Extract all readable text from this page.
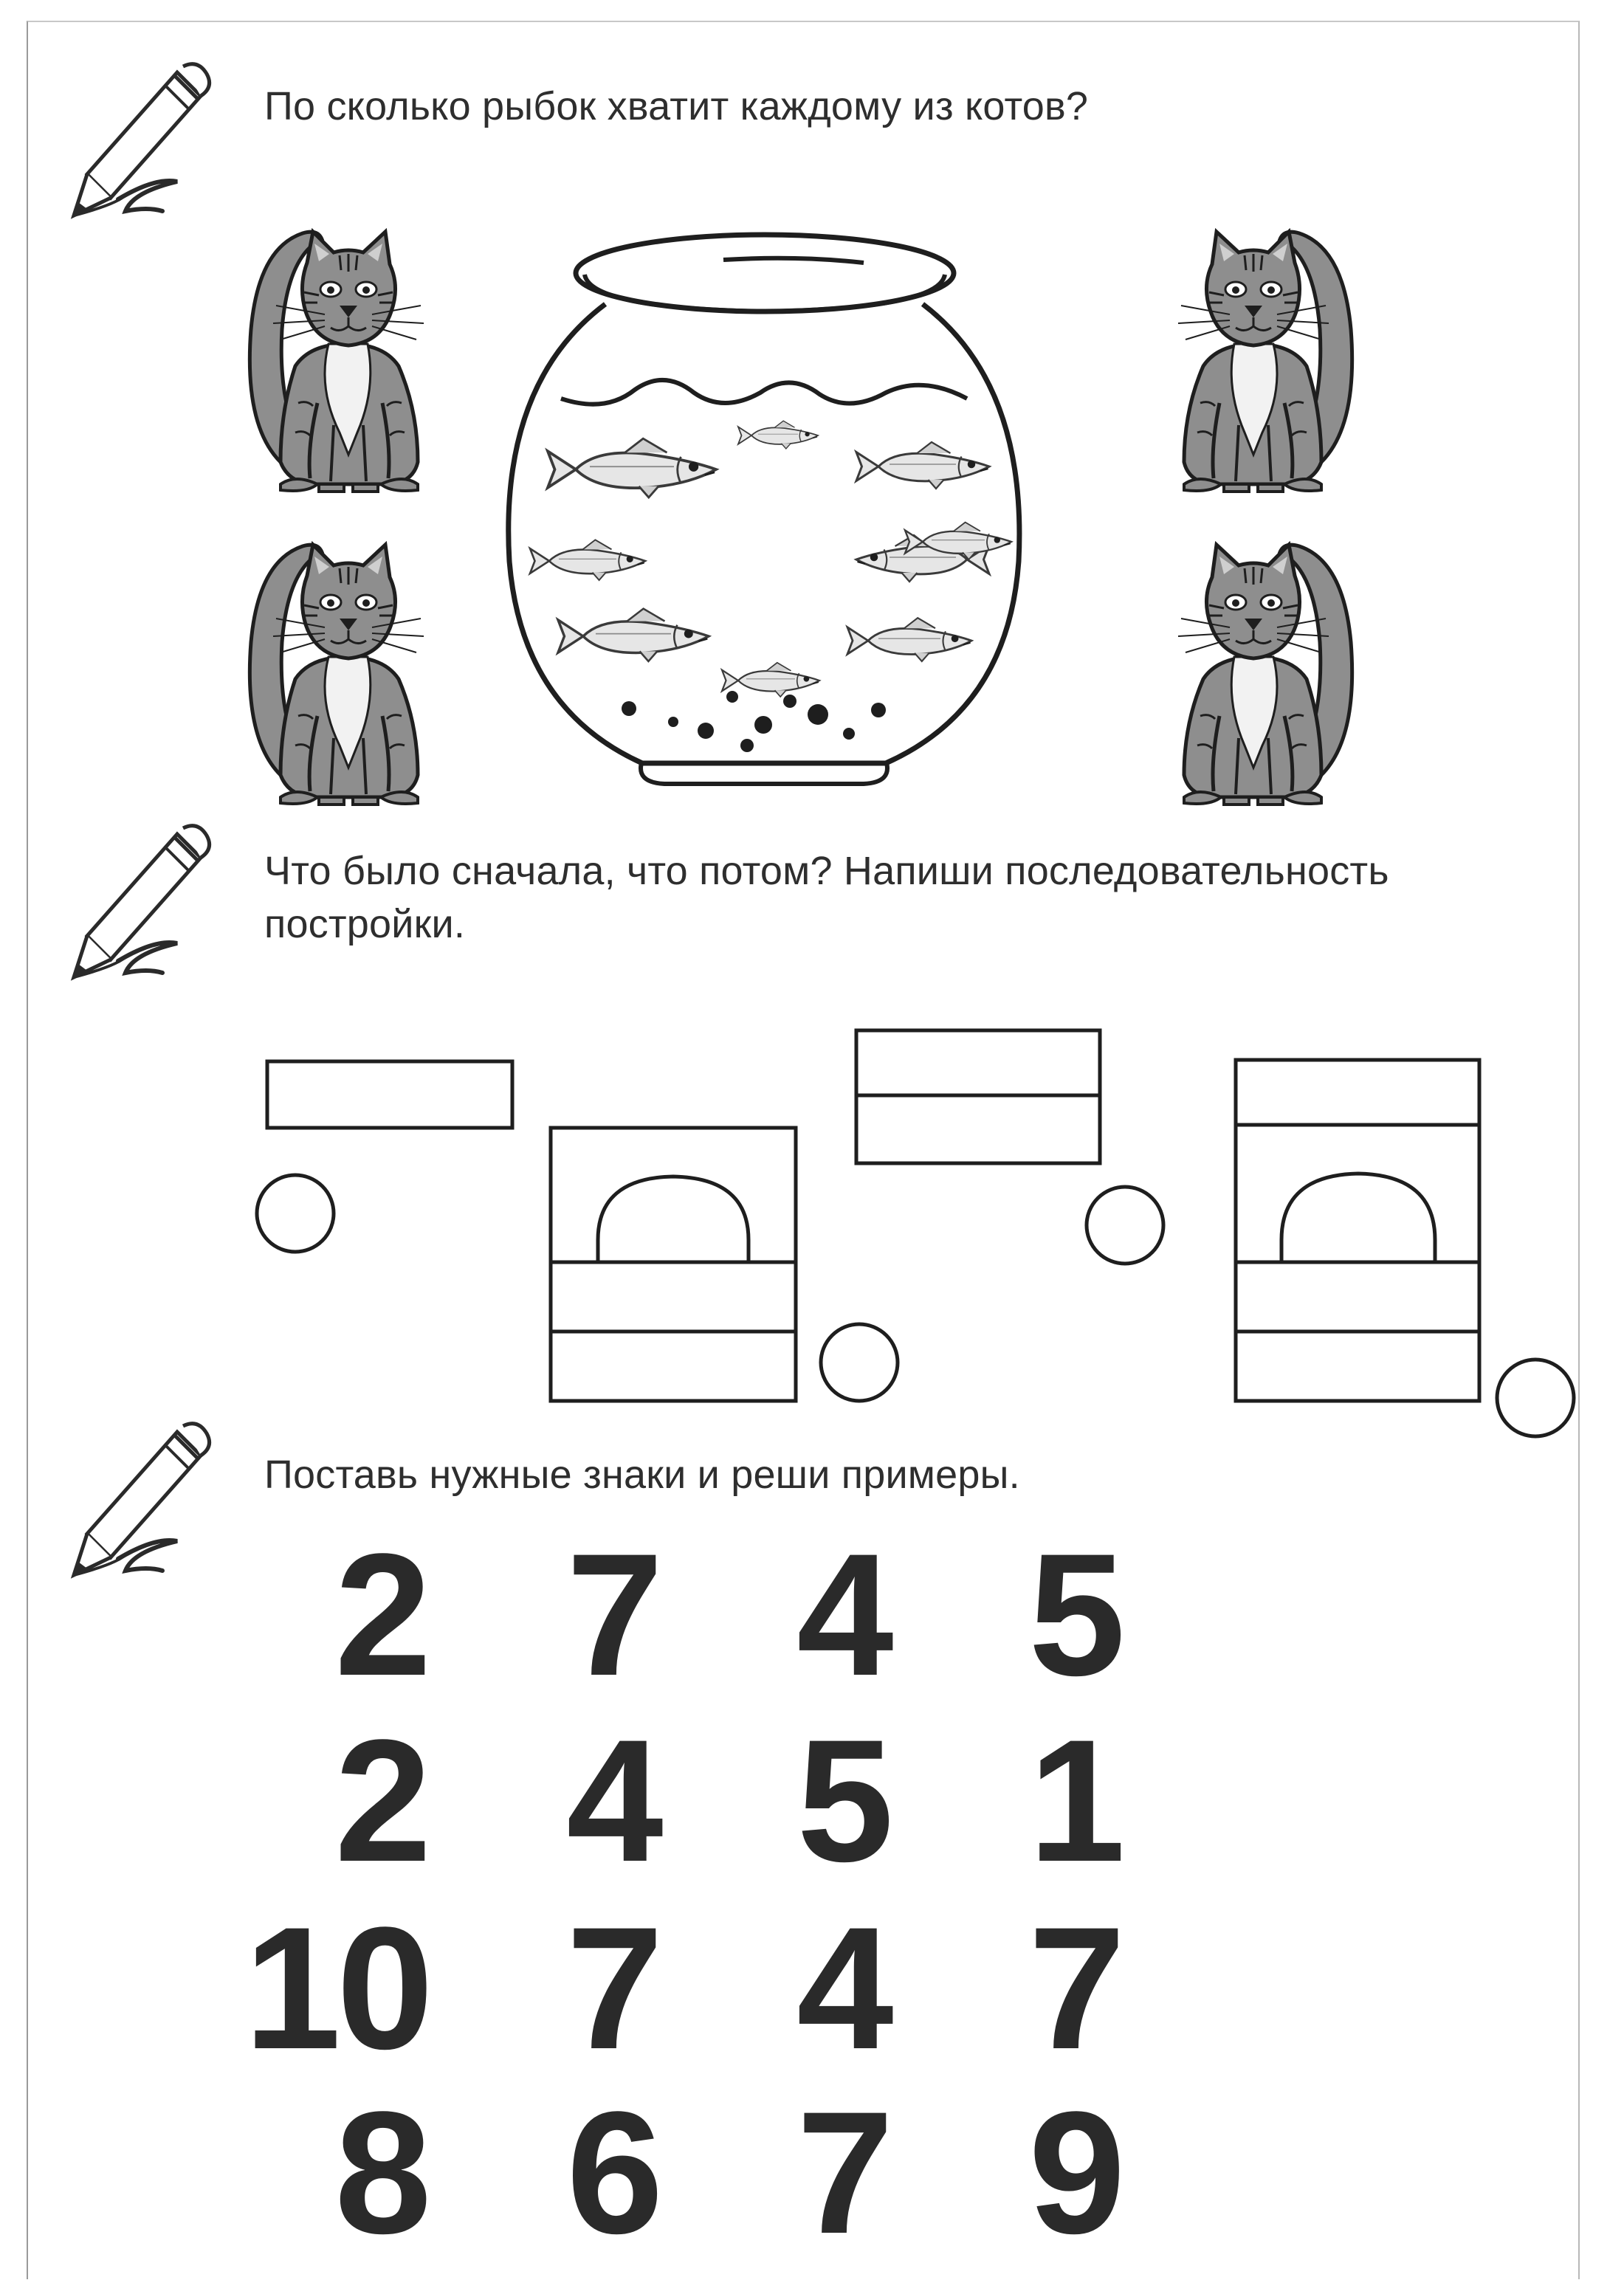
По сколько рыбок хватит каждому из котов?
Что было сначала, что потом? Напиши последовательность
постройки.
Поставь нужные знаки и реши примеры.
2 7 4 5
2 4 5 1
10 7 4 7
8 6 7 9
